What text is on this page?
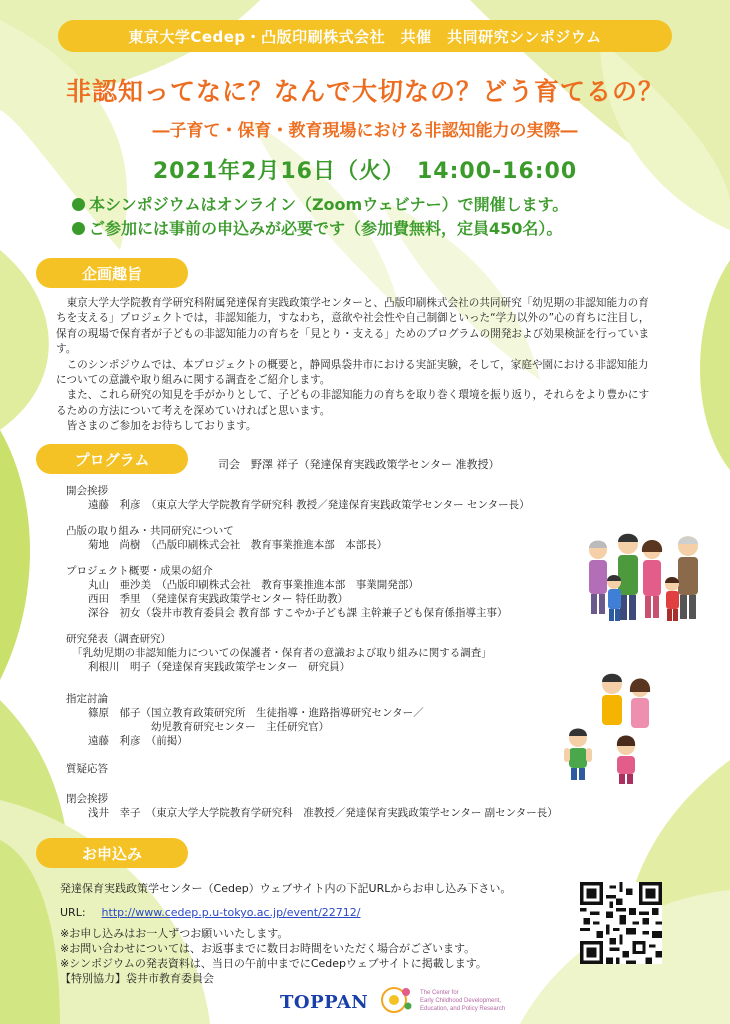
東京大学Cedep・凸版印刷株式会社　共催　共同研究シンポジウム
非認知ってなに？なんで大切なの？どう育てるの？
―子育て・保育・教育現場における非認知能力の実際―
2021年2月16日（火）　14:00-16:00
本シンポジウムはオンライン（Zoomウェビナー）で開催します。
ご参加には事前の申込みが必要です（参加費無料，定員450名）。
企画趣旨

東京大学大学院教育学研究科附属発達保育実践政策学センターと、凸版印刷株式会社の共同研究「幼児期の非認知能力の育ちを支える」プロジェクトでは，非認知能力，すなわち，意欲や社会性や自己制御といった“学力以外の”心の育ちに注目し，保育の現場で保育者が子どもの非認知能力の育ちを「見とり・支える」ためのプログラムの開発および効果検証を行っています。

このシンポジウムでは、本プロジェクトの概要と，静岡県袋井市における実証実験，そして，家庭や園における非認知能力についての意識や取り組みに関する調査をご紹介します。

また、これら研究の知見を手がかりとして、子どもの非認知能力の育ちを取り巻く環境を振り返り，それらをより豊かにするための方法について考えを深めていければと思います。

皆さまのご参加をお待ちしております。

プログラム	司会　野澤 祥子（発達保育実践政策学センター 准教授）
開会挨拶
遠藤　利彦　（東京大学大学院教育学研究科 教授／発達保育実践政策学センター センター長）
凸版の取り組み・共同研究について
菊地　尚樹　（凸版印刷株式会社　教育事業推進本部　本部長）
プロジェクト概要・成果の紹介
丸山　亜沙美　（凸版印刷株式会社　教育事業推進本部　事業開発部）
西田　季里　（発達保育実践政策学センター 特任助教）
深谷　初女（袋井市教育委員会 教育部 すこやか子ども課 主幹兼子ども保育係指導主事）
研究発表（調査研究）
「乳幼児期の非認知能力についての保護者・保育者の意識および取り組みに関する調査」
利根川　明子（発達保育実践政策学センター　研究員）
指定討論
篠原　郁子（国立教育政策研究所　生徒指導・進路指導研究センター／
　　　　　　幼児教育研究センター　主任研究官）
遠藤　利彦　（前掲）
質疑応答
閉会挨拶
浅井　幸子　（東京大学大学院教育学研究科　准教授／発達保育実践政策学センター 副センター長）
お申込み
発達保育実践政策学センター（Cedep）ウェブサイト内の下記URLからお申し込み下さい。
URL: http://www.cedep.p.u-tokyo.ac.jp/event/22712/
※お申し込みはお一人ずつお願いいたします。
※お問い合わせについては、お返事までに数日お時間をいただく場合がございます。
※シンポジウムの発表資料は、当日の午前中までにCedepウェブサイトに掲載します。
【特別協力】袋井市教育委員会
TOPPAN	The Center for
Early Childhood Development,
Education, and Policy Research
